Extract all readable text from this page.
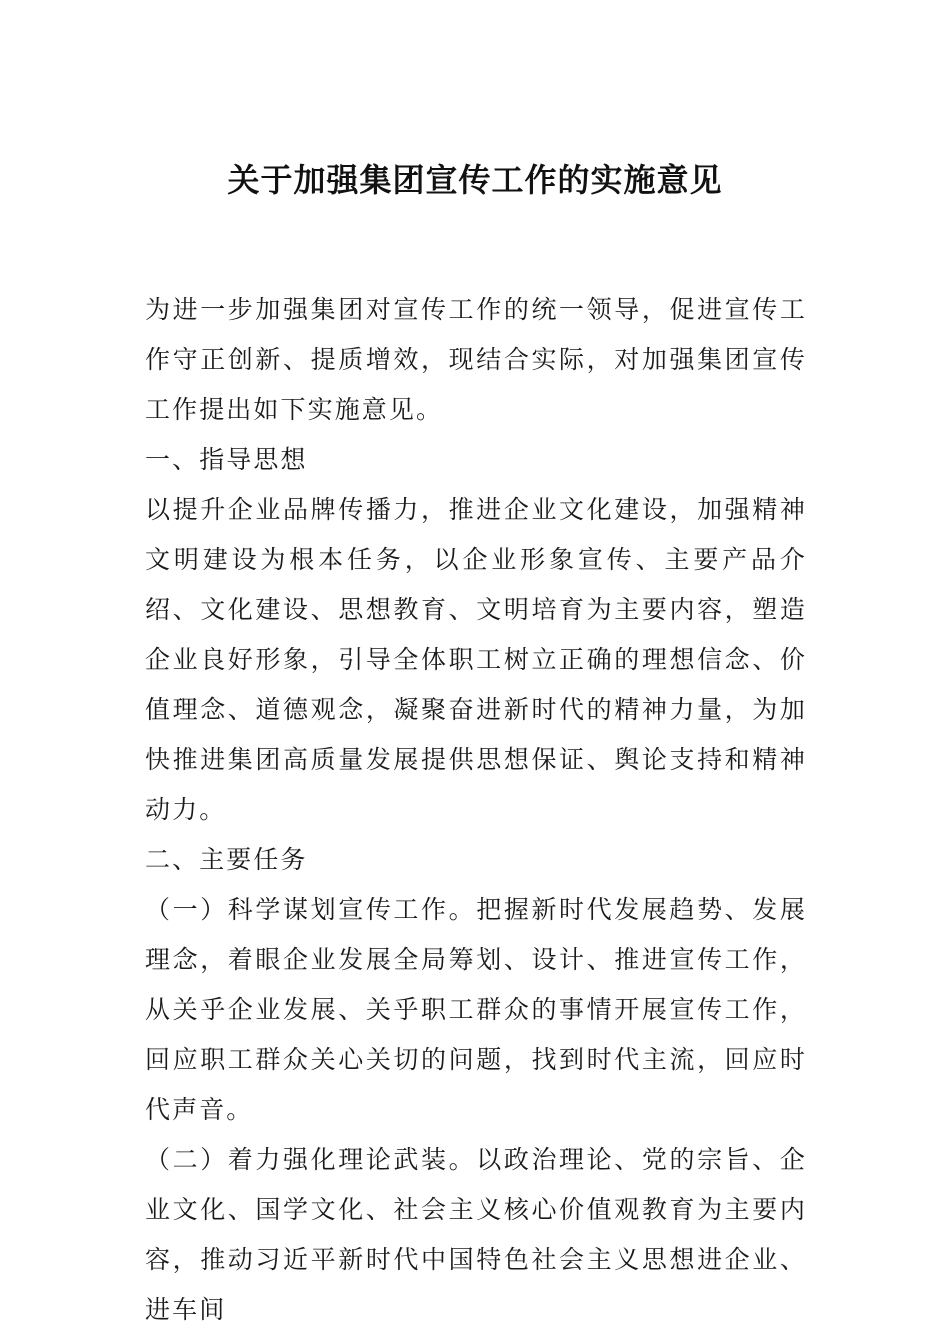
关于加强集团宣传工作的实施意见

为进一步加强集团对宣传工作的统一领导，促进宣传工作守正创新、提质增效，现结合实际，对加强集团宣传工作提出如下实施意见。

一、指导思想

以提升企业品牌传播力，推进企业文化建设，加强精神文明建设为根本任务，以企业形象宣传、主要产品介绍、文化建设、思想教育、文明培育为主要内容，塑造企业良好形象，引导全体职工树立正确的理想信念、价值理念、道德观念，凝聚奋进新时代的精神力量，为加快推进集团高质量发展提供思想保证、舆论支持和精神动力。

二、主要任务

（一）科学谋划宣传工作。把握新时代发展趋势、发展理念，着眼企业发展全局筹划、设计、推进宣传工作，从关乎企业发展、关乎职工群众的事情开展宣传工作，回应职工群众关心关切的问题，找到时代主流，回应时代声音。

（二）着力强化理论武装。以政治理论、党的宗旨、企业文化、国学文化、社会主义核心价值观教育为主要内容，推动习近平新时代中国特色社会主义思想进企业、进车间
